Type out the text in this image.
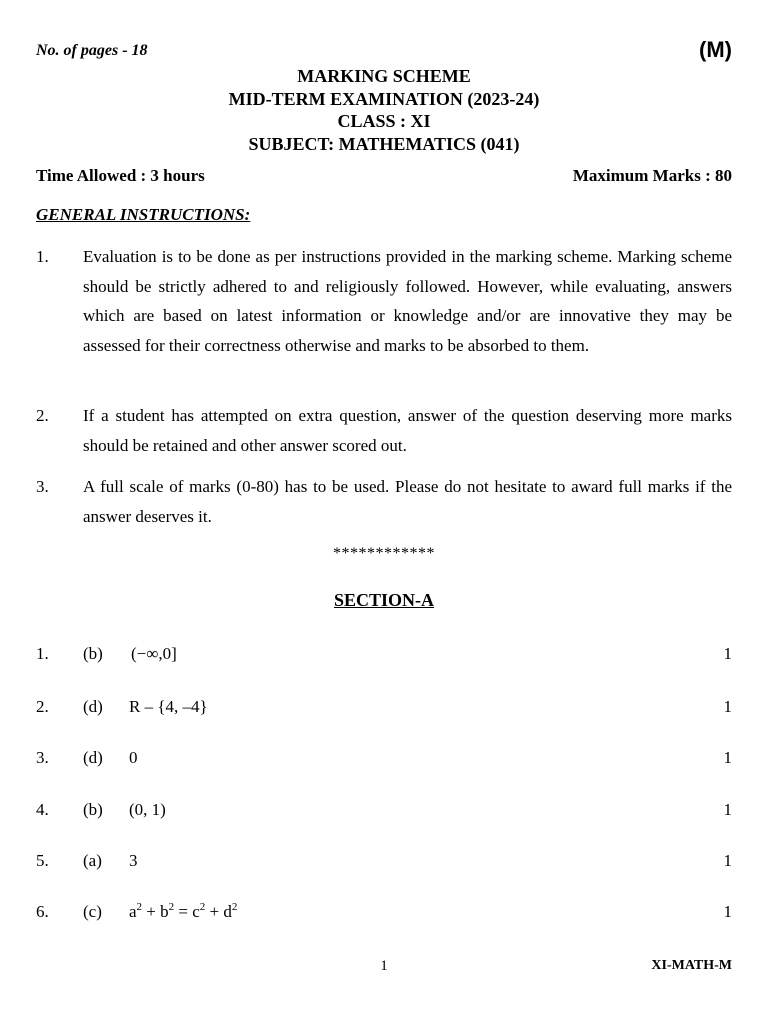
No. of pages - 18	(M)
MARKING SCHEME
MID-TERM EXAMINATION (2023-24)
CLASS : XI
SUBJECT: MATHEMATICS (041)
Time Allowed : 3 hours	Maximum Marks : 80
GENERAL INSTRUCTIONS:
1. Evaluation is to be done as per instructions provided in the marking scheme. Marking scheme should be strictly adhered to and religiously followed. However, while evaluating, answers which are based on latest information or knowledge and/or are innovative they may be assessed for their correctness otherwise and marks to be absorbed to them.
2. If a student has attempted on extra question, answer of the question deserving more marks should be retained and other answer scored out.
3. A full scale of marks (0-80) has to be used. Please do not hesitate to award full marks if the answer deserves it.
************
SECTION-A
1. (b) (−∞,0]	1
2. (d) R – {4, –4}	1
3. (d) 0	1
4. (b) (0, 1)	1
5. (a) 3	1
6. (c) $a^2 + b^2 = c^2 + d^2$	1
1	XI-MATH-M
